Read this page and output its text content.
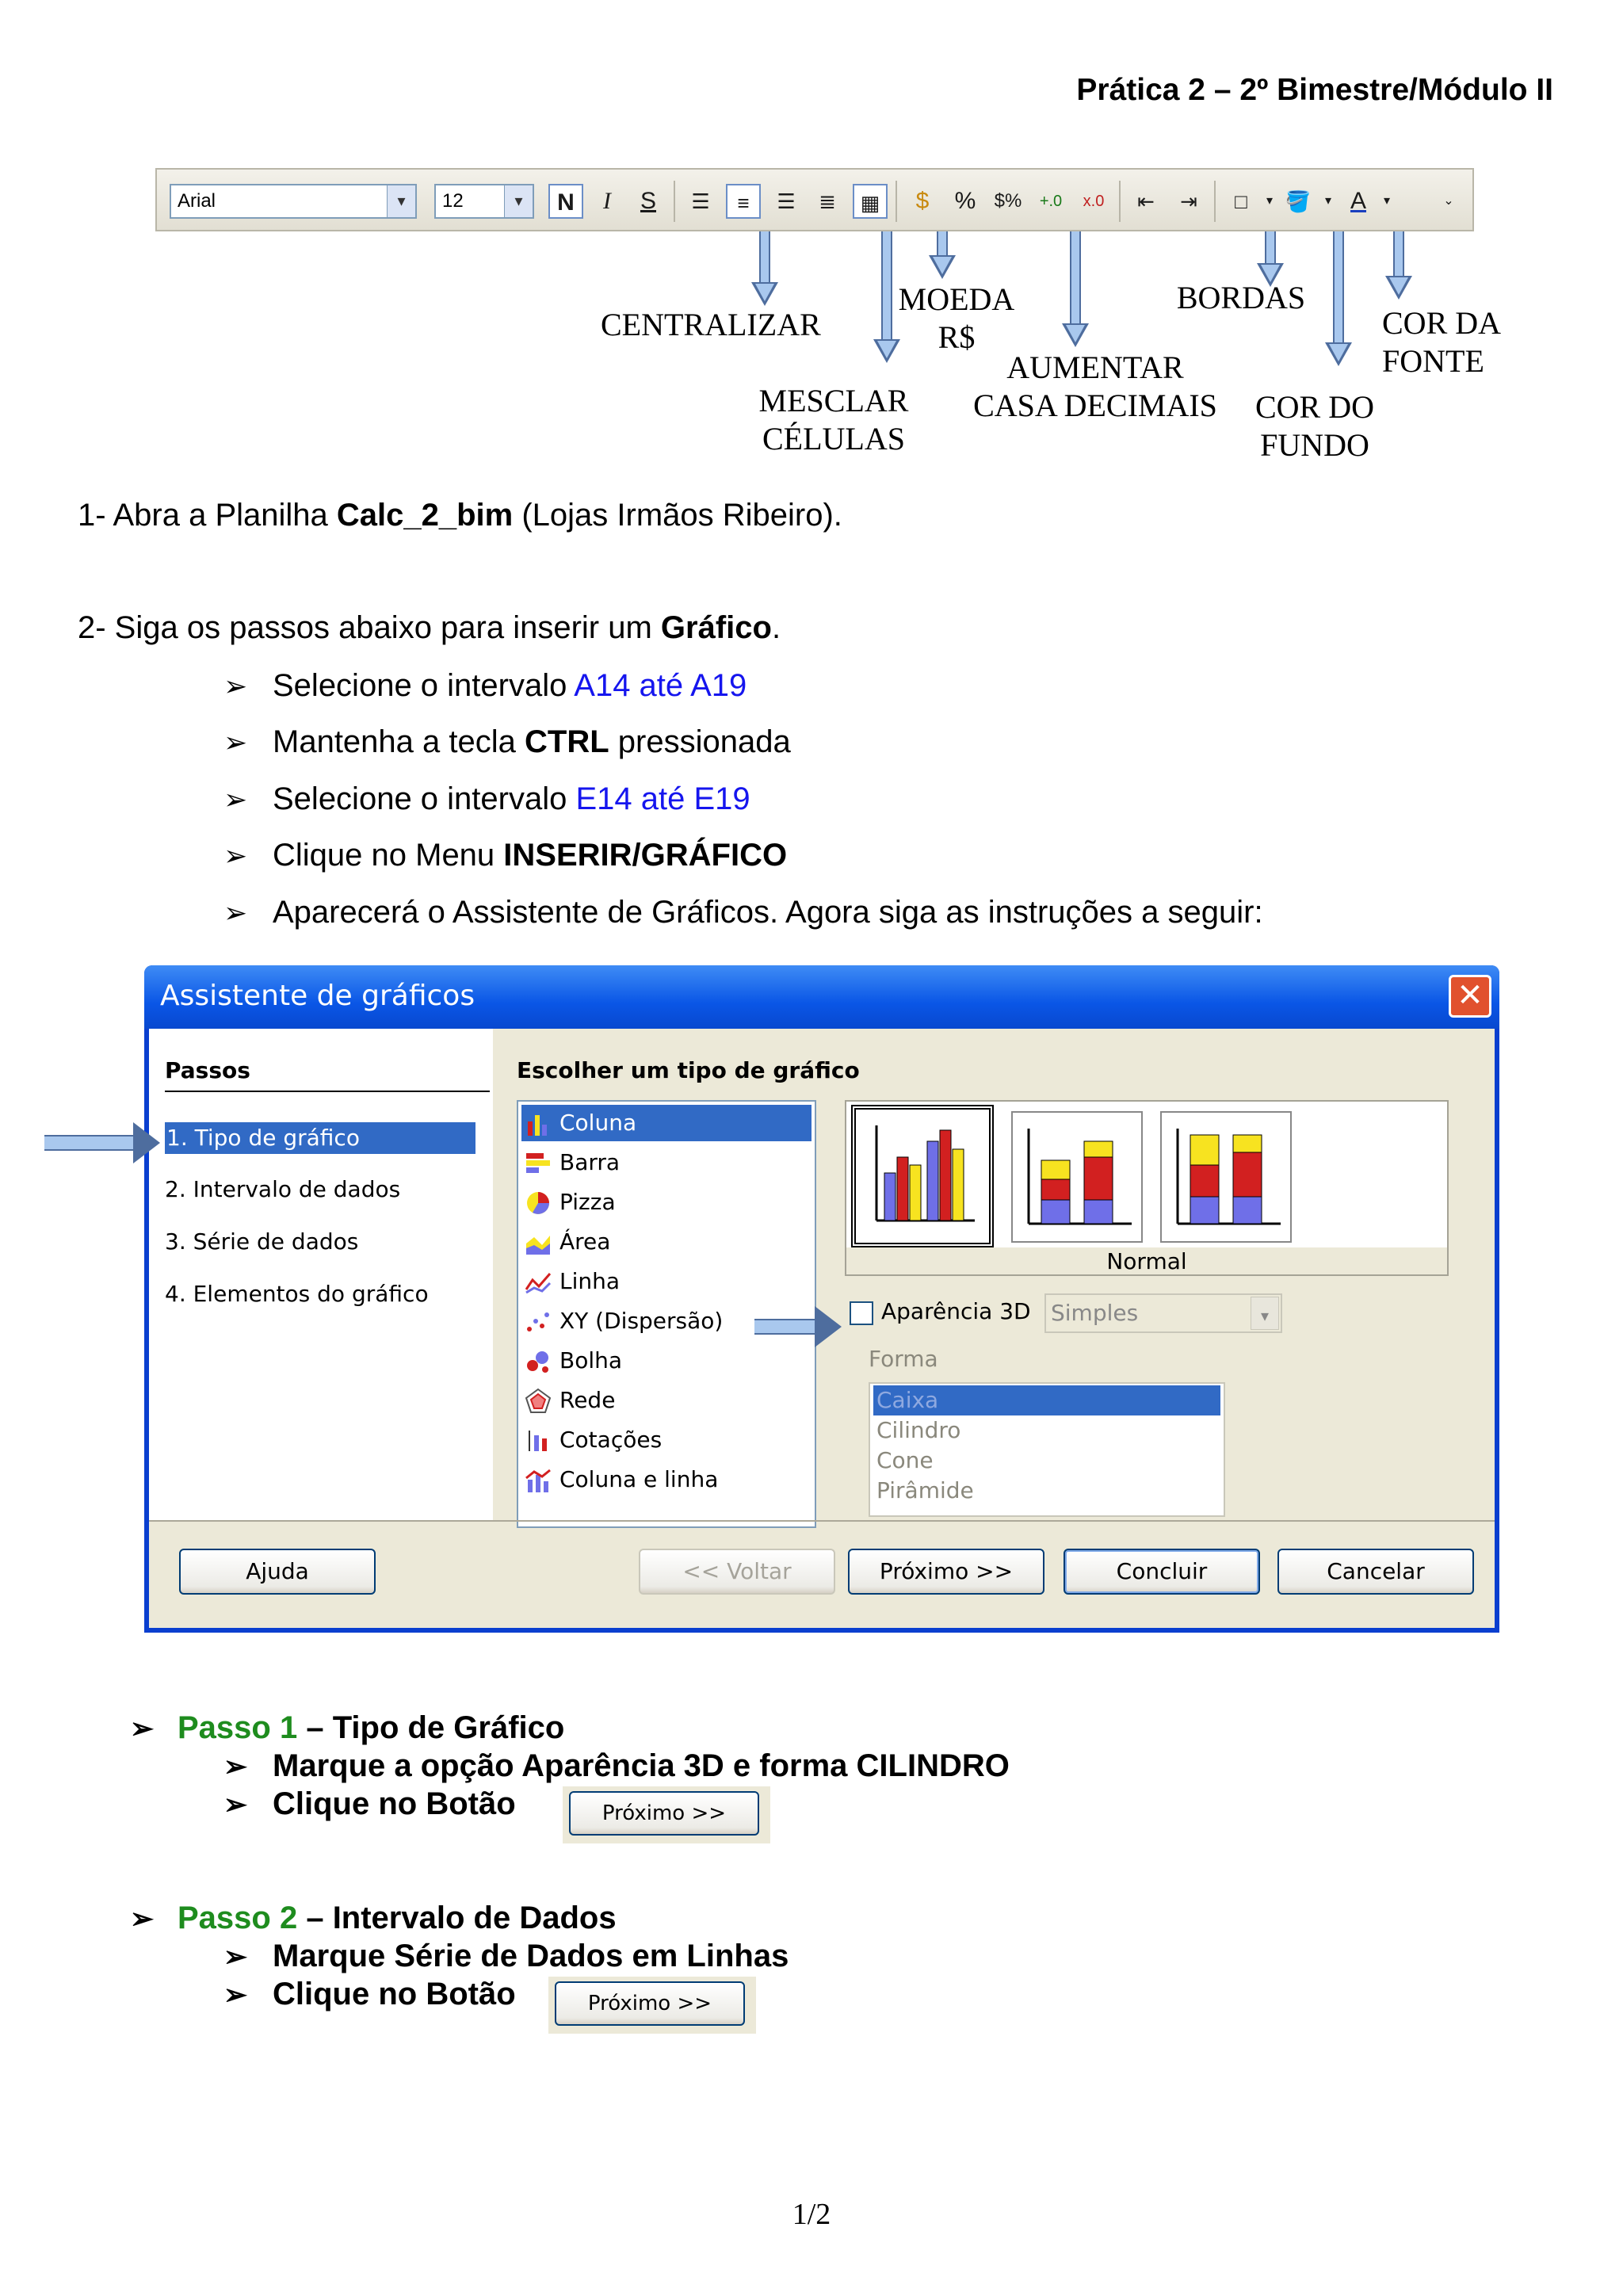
Prática 2 – 2º Bimestre/Módulo II
Arial	▾	12	▾	N	I	S	☰	≡	☰	≣	▦	$	% $%	+.0	x.0	⇤	⇥	□	▾ 🪣	▾ A	▾	⌄
CENTRALIZAR
MESCLAR
CÉLULAS
MOEDA
R$
AUMENTAR
CASA DECIMAIS
BORDAS
COR DO
FUNDO
COR DA
FONTE
1- Abra a Planilha Calc_2_bim (Lojas Irmãos Ribeiro).
2- Siga os passos abaixo para inserir um Gráfico.
➢ Selecione o intervalo A14 até A19
➢ Mantenha a tecla CTRL pressionada
➢ Selecione o intervalo E14 até E19
➢ Clique no Menu INSERIR/GRÁFICO
➢ Aparecerá o Assistente de Gráficos. Agora siga as instruções a seguir:
Assistente de gráficos	✕
Passos
1. Tipo de gráfico
2. Intervalo de dados
3. Série de dados
4. Elementos do gráfico
Escolher um tipo de gráfico
Coluna
Barra
Pizza
Área
Linha
XY (Dispersão)
Bolha
Rede
Cotações
Coluna e linha
Normal
Aparência 3D Simples	▾
Forma
Caixa
Cilindro
Cone
Pirâmide
Ajuda	<< Voltar	Próximo >>	Concluir	Cancelar
➢ Passo 1 – Tipo de Gráfico
➢ Marque a opção Aparência 3D e forma CILINDRO
➢ Clique no Botão	Próximo >>
➢ Passo 2 – Intervalo de Dados
➢ Marque Série de Dados em Linhas
➢ Clique no Botão	Próximo >>
1/2
